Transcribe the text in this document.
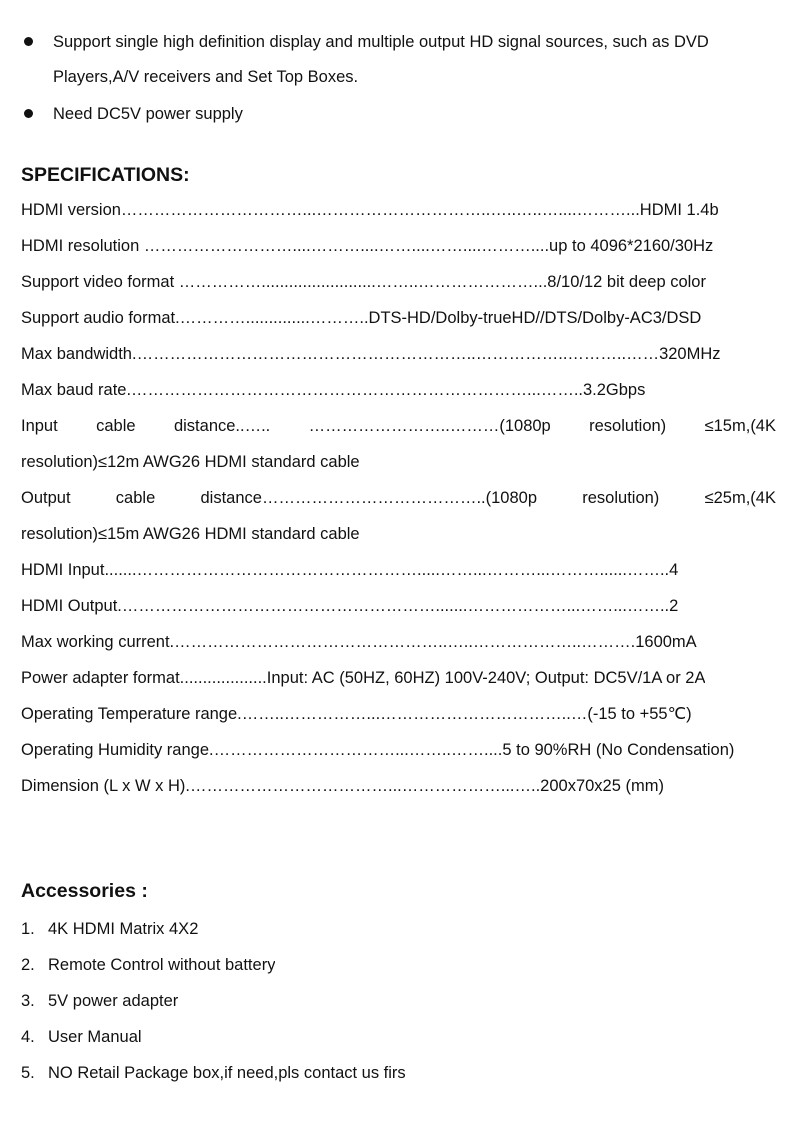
Support single high definition display and multiple output HD signal sources, such as DVD
Players,A/V receivers and Set Top Boxes.
Need DC5V power supply
SPECIFICATIONS:
HDMI version……………………………...…………………………..…..…..…....………...HDMI 1.4b
HDMI resolution ………………………....………....……....……....………....up to 4096*2160/30Hz
Support video format …………….........................……..…………………...8/10/12 bit deep color
Support audio format.…………..............………..DTS-HD/Dolby-trueHD//DTS/Dolby-AC3/DSD
Max bandwidth.……………………………………………………..……………..………..……320MHz
Max baud rate.………………………………………………………………...……..3.2Gbps
Input cable distance..….. ……………………..………(1080p resolution) ≤15m,(4K
resolution)≤12m AWG26 HDMI standard cable
Output	cable	distance…………………………………..(1080p	resolution)	≤25m,(4K
resolution)≤15m AWG26 HDMI standard cable
HDMI Input.......…………………………………………….....……...………...………......……..4
HDMI Output.………………………………………………….......………………...……...……..2
Max working current.…………………………………………..…..………………..……….1600mA
Power adapter format...................Input: AC (50HZ, 60HZ) 100V-240V; Output: DC5V/1A or 2A
Operating Temperature range.……..……………...……………………………..…(-15 to +55℃)
Operating Humidity range.……………………………...……..……....5 to 90%RH (No Condensation)
Dimension (L x W x H).………………………………...………………...…..200x70x25 (mm)
Accessories :
1. 4K HDMI Matrix 4X2
2. Remote Control without battery
3. 5V power adapter
4. User Manual
5. NO Retail Package box,if need,pls contact us firs
